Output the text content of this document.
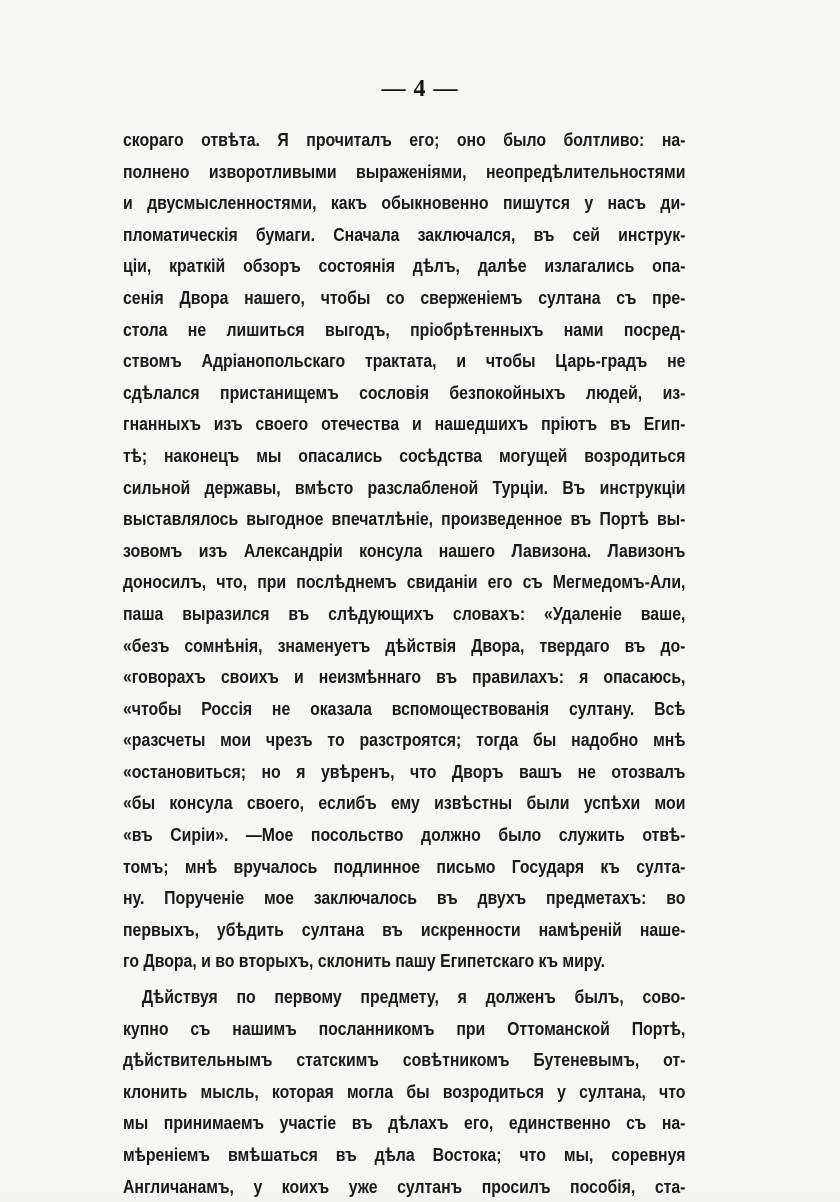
— 4 —
скораго отвѣта. Я прочиталъ его; оно было болтливо: на-
полнено изворотливыми выраженіями, неопредѣлительностями
и двусмысленностями, какъ обыкновенно пишутся у насъ ди-
пломатическія бумаги. Сначала заключался, въ сей инструк-
ціи, краткій обзоръ состоянія дѣлъ, далѣе излагались опа-
сенія Двора нашего, чтобы со сверженіемъ султана съ пре-
стола не лишиться выгодъ, пріобрѣтенныхъ нами посред-
ствомъ Адріанопольскаго трактата, и чтобы Царь-градъ не
сдѣлался пристанищемъ сословія безпокойныхъ людей, из-
гнанныхъ изъ своего отечества и нашедшихъ пріютъ въ Егип-
тѣ; наконецъ мы опасались сосѣдства могущей возродиться
сильной державы, вмѣсто разслабленой Турціи. Въ инструкціи
выставлялось выгодное впечатлѣніе, произведенное въ Портѣ вы-
зовомъ изъ Александріи консула нашего Лавизона. Лавизонъ
доносилъ, что, при послѣднемъ свиданіи его съ Мегмедомъ-Али,
паша выразился въ слѣдующихъ словахъ: «Удаленіе ваше,
«безъ сомнѣнія, знаменуетъ дѣйствія Двора, твердаго въ до-
«говорахъ своихъ и неизмѣннаго въ правилахъ: я опасаюсь,
«чтобы Россія не оказала вспомоществованія султану. Всѣ
«разсчеты мои чрезъ то разстроятся; тогда бы надобно мнѣ
«остановиться; но я увѣренъ, что Дворъ вашъ не отозвалъ
«бы консула своего, еслибъ ему извѣстны были успѣхи мои
«въ Сиріи». —Мое посольство должно было служить отвѣ-
томъ; мнѣ вручалось подлинное письмо Государя къ султа-
ну. Порученіе мое заключалось въ двухъ предметахъ: во
первыхъ, убѣдить султана въ искренности намѣреній наше-
го Двора, и во вторыхъ, склонить пашу Египетскаго къ миру.
Дѣйствуя по первому предмету, я долженъ былъ, сово-
купно съ нашимъ посланникомъ при Оттоманской Портѣ,
дѣйствительнымъ статскимъ совѣтникомъ Бутеневымъ, от-
клонить мысль, которая могла бы возродиться у султана, что
мы принимаемъ участіе въ дѣлахъ его, единственно съ на-
мѣреніемъ вмѣшаться въ дѣла Востока; что мы, соревнуя
Англичанамъ, у коихъ уже султанъ просилъ пособія, ста-
